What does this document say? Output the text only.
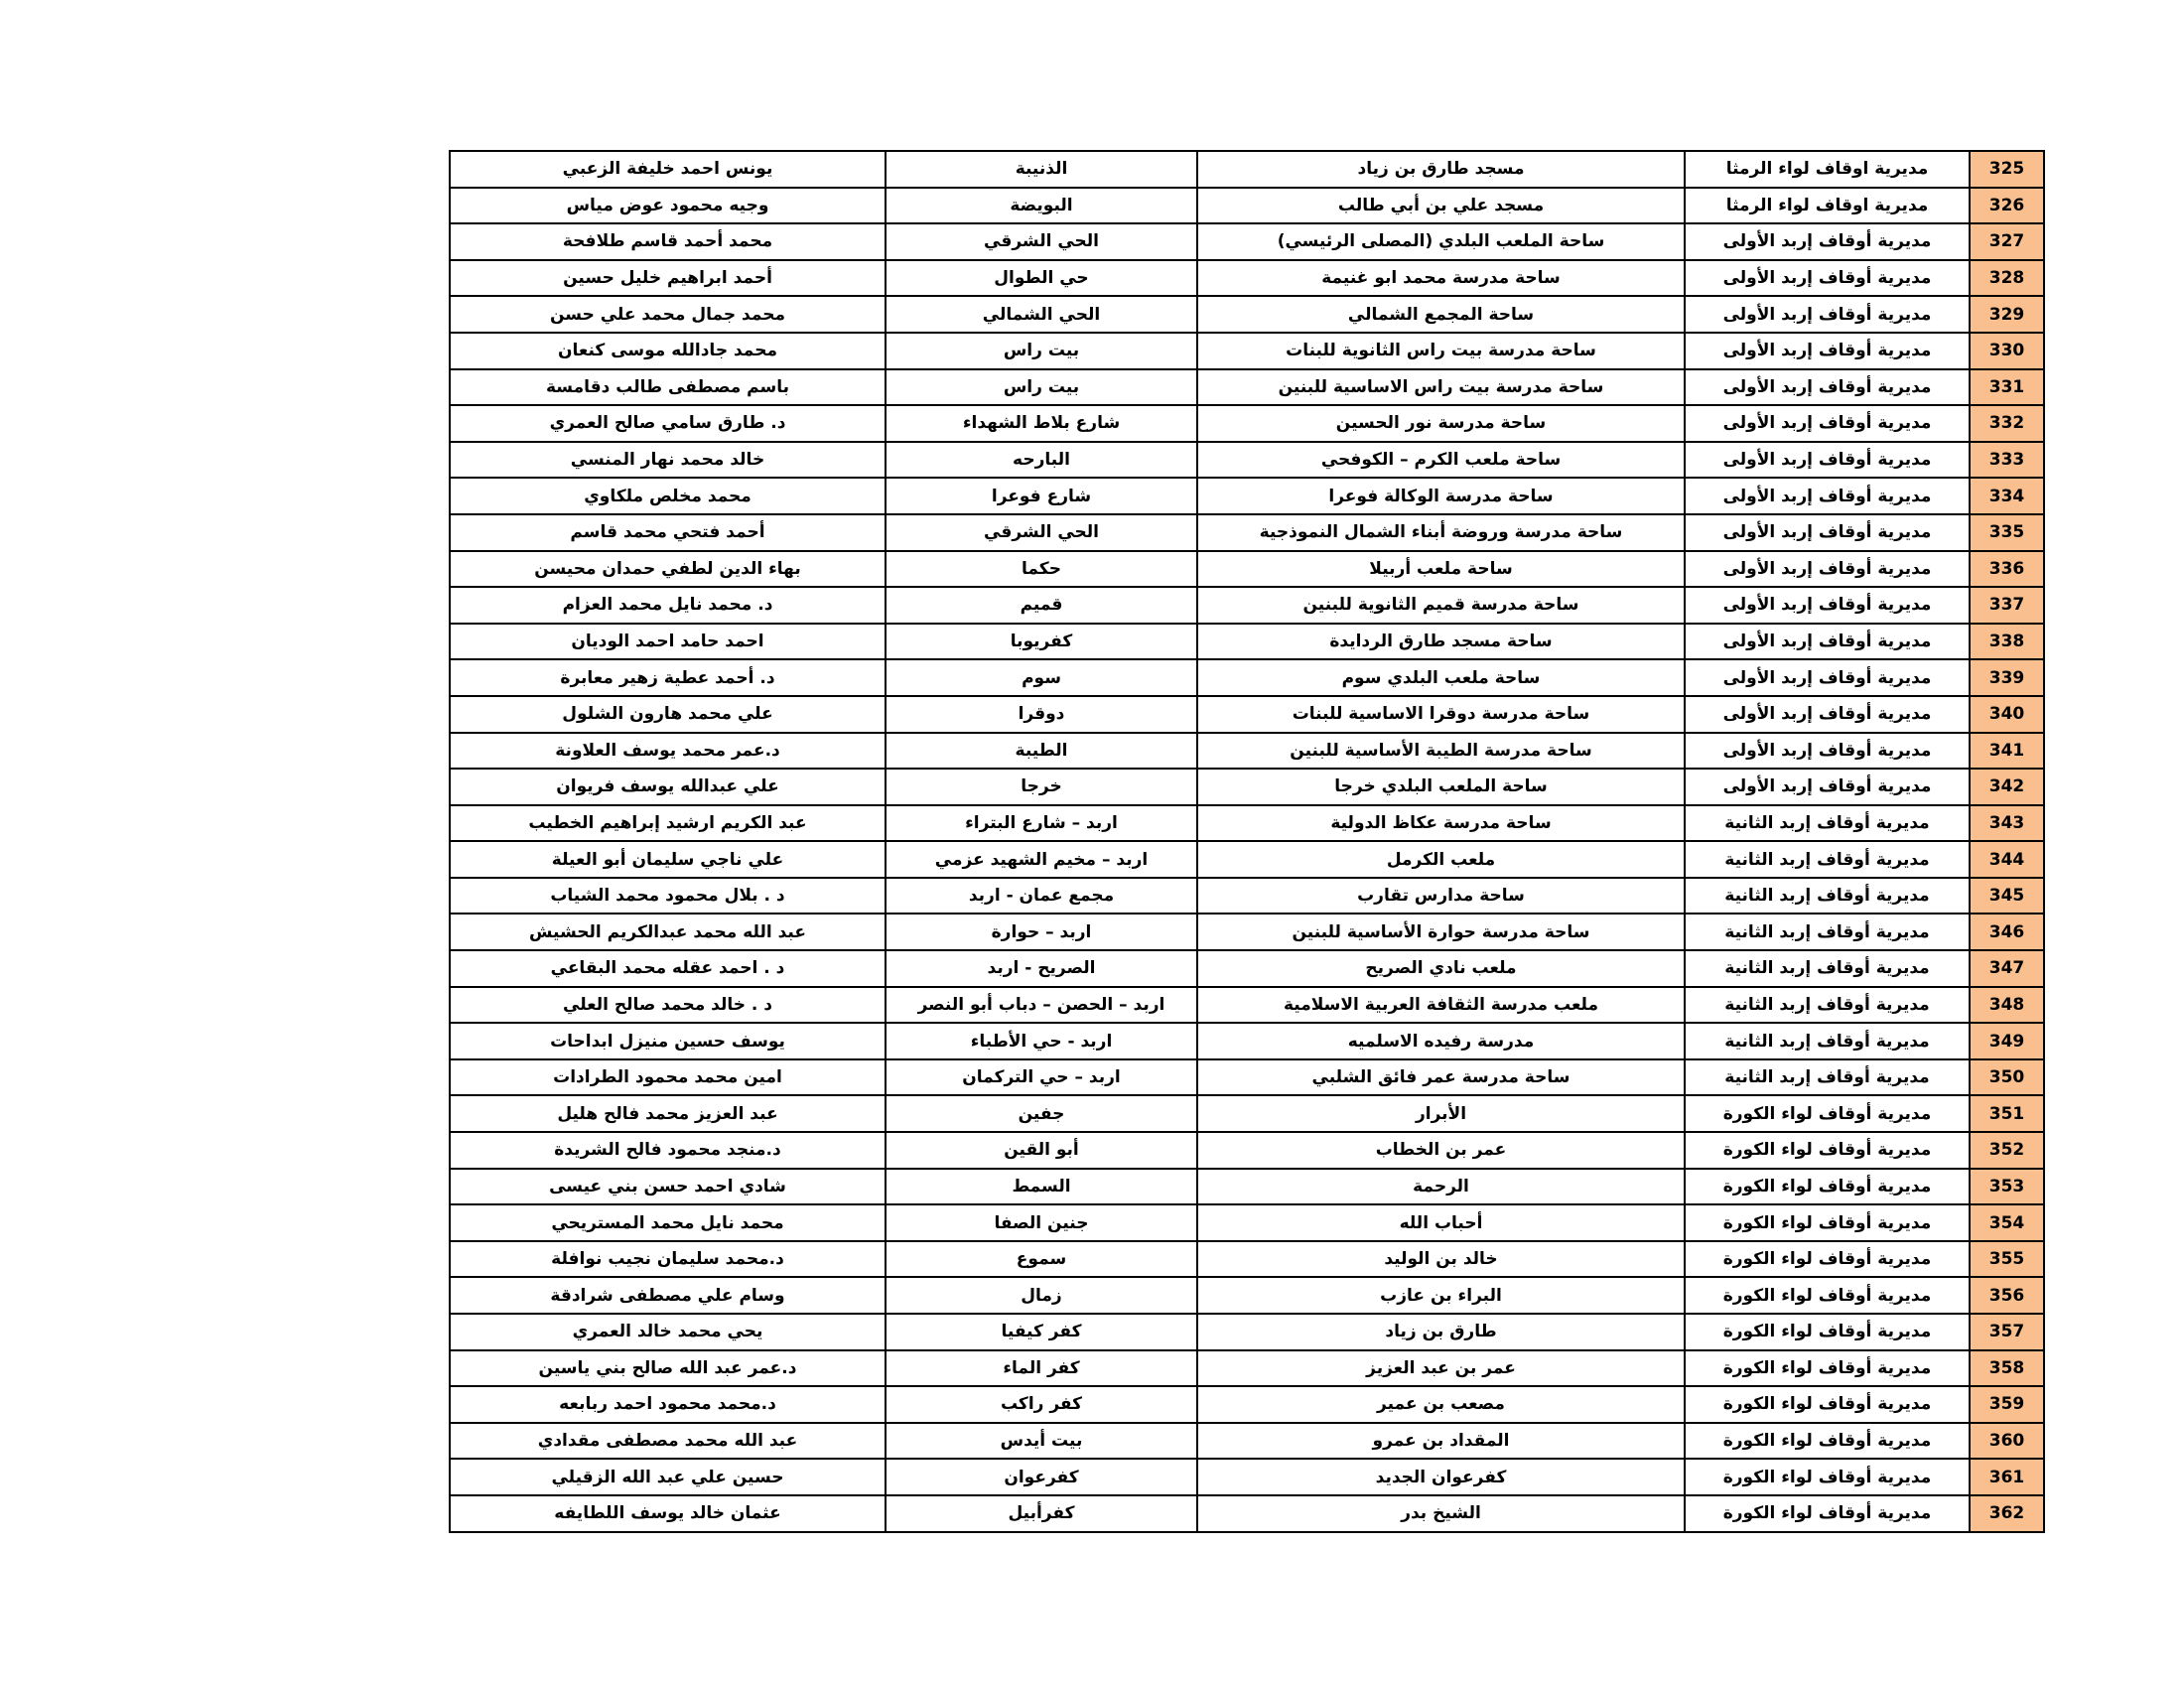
325	مديرية اوقاف لواء الرمثا	مسجد طارق بن زياد	الذنيبة	يونس احمد خليفة الزعبي
326	مديرية اوقاف لواء الرمثا	مسجد علي بن أبي طالب	البويضة	وجيه محمود عوض مياس
327	مديرية أوقاف إربد الأولى	ساحة الملعب البلدي (المصلى الرئيسي)	الحي الشرقي	محمد أحمد قاسم طلافحة
328	مديرية أوقاف إربد الأولى	ساحة مدرسة محمد ابو غنيمة	حي الطوال	أحمد ابراهيم خليل حسين
329	مديرية أوقاف إربد الأولى	ساحة المجمع الشمالي	الحي الشمالي	محمد جمال محمد علي حسن
330	مديرية أوقاف إربد الأولى	ساحة مدرسة بيت راس الثانوية للبنات	بيت راس	محمد جادالله موسى كنعان
331	مديرية أوقاف إربد الأولى	ساحة مدرسة بيت راس الاساسية للبنين	بيت راس	باسم مصطفى طالب دقامسة
332	مديرية أوقاف إربد الأولى	ساحة مدرسة نور الحسين	شارع بلاط الشهداء	د. طارق سامي صالح العمري
333	مديرية أوقاف إربد الأولى	ساحة ملعب الكرم – الكوفحي	البارحه	خالد محمد نهار المنسي
334	مديرية أوقاف إربد الأولى	ساحة مدرسة الوكالة فوعرا	شارع فوعرا	محمد مخلص ملكاوي
335	مديرية أوقاف إربد الأولى	ساحة مدرسة وروضة أبناء الشمال النموذجية	الحي الشرقي	أحمد فتحي محمد قاسم
336	مديرية أوقاف إربد الأولى	ساحة ملعب أربيلا	حكما	بهاء الدين لطفي حمدان محيسن
337	مديرية أوقاف إربد الأولى	ساحة مدرسة قميم الثانوية للبنين	قميم	د. محمد نايل محمد العزام
338	مديرية أوقاف إربد الأولى	ساحة مسجد طارق الردايدة	كفريوبا	احمد حامد احمد الوديان
339	مديرية أوقاف إربد الأولى	ساحة ملعب البلدي سوم	سوم	د. أحمد عطية زهير معابرة
340	مديرية أوقاف إربد الأولى	ساحة مدرسة دوقرا الاساسية للبنات	دوقرا	علي محمد هارون الشلول
341	مديرية أوقاف إربد الأولى	ساحة مدرسة الطيبة الأساسية للبنين	الطيبة	د.عمر محمد يوسف العلاونة
342	مديرية أوقاف إربد الأولى	ساحة الملعب البلدي خرجا	خرجا	علي عبدالله يوسف فريوان
343	مديرية أوقاف إربد الثانية	ساحة مدرسة عكاظ الدولية	اربد – شارع البتراء	عبد الكريم ارشيد إبراهيم الخطيب
344	مديرية أوقاف إربد الثانية	ملعب الكرمل	اربد – مخيم الشهيد عزمي	علي ناجي سليمان أبو العيلة
345	مديرية أوقاف إربد الثانية	ساحة مدارس تقارب	مجمع عمان - اربد	د . بلال محمود محمد الشياب
346	مديرية أوقاف إربد الثانية	ساحة مدرسة حوارة الأساسية للبنين	اربد – حوارة	عبد الله محمد عبدالكريم الحشيش
347	مديرية أوقاف إربد الثانية	ملعب نادي الصريح	الصريح - اربد	د . احمد عقله محمد البقاعي
348	مديرية أوقاف إربد الثانية	ملعب مدرسة الثقافة العربية الاسلامية	اربد – الحصن – دباب أبو النصر	د . خالد محمد صالح العلي
349	مديرية أوقاف إربد الثانية	مدرسة رفيده الاسلميه	اربد - حي الأطباء	يوسف حسين منيزل ابداحات
350	مديرية أوقاف إربد الثانية	ساحة مدرسة عمر فائق الشلبي	اربد – حي التركمان	امين محمد محمود الطرادات
351	مديرية أوقاف لواء الكورة	الأبرار	جفين	عبد العزيز محمد فالح هليل
352	مديرية أوقاف لواء الكورة	عمر بن الخطاب	أبو القين	د.منجد محمود فالح الشريدة
353	مديرية أوقاف لواء الكورة	الرحمة	السمط	شادي احمد حسن بني عيسى
354	مديرية أوقاف لواء الكورة	أحباب الله	جنين الصفا	محمد نايل محمد المستريحي
355	مديرية أوقاف لواء الكورة	خالد بن الوليد	سموع	د.محمد سليمان نجيب نوافلة
356	مديرية أوقاف لواء الكورة	البراء بن عازب	زمال	وسام علي مصطفى شرادقة
357	مديرية أوقاف لواء الكورة	طارق بن زياد	كفر كيفيا	يحي محمد خالد العمري
358	مديرية أوقاف لواء الكورة	عمر بن عبد العزيز	كفر الماء	د.عمر عبد الله صالح بني ياسين
359	مديرية أوقاف لواء الكورة	مصعب بن عمير	كفر راكب	د.محمد محمود احمد ربابعه
360	مديرية أوقاف لواء الكورة	المقداد بن عمرو	بيت أيدس	عبد الله محمد مصطفى مقدادي
361	مديرية أوقاف لواء الكورة	كفرعوان الجديد	كفرعوان	حسين علي عبد الله الزقيلي
362	مديرية أوقاف لواء الكورة	الشيخ بدر	كفرأبيل	عثمان خالد يوسف اللطايفه
